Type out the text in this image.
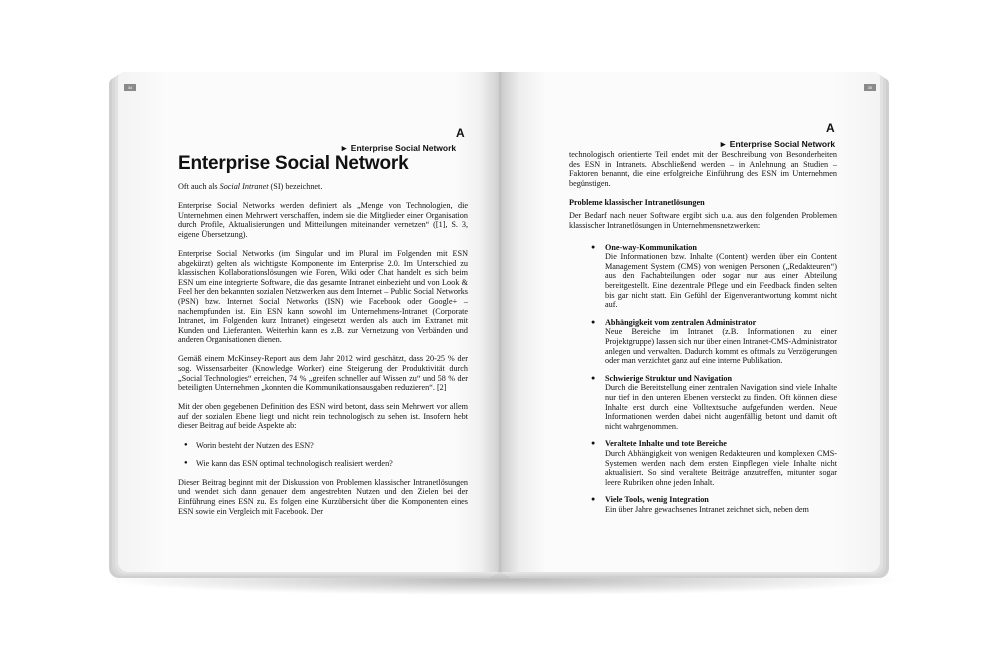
34
A
► Enterprise Social Network
Enterprise Social Network

Oft auch als Social Intranet (SI) bezeichnet.

Enterprise Social Networks werden definiert als „Menge von Technologien, die Unternehmen einen Mehrwert verschaffen, indem sie die Mitglieder einer Organisation durch Profile, Aktualisierungen und Mitteilungen miteinander vernetzen“ ([1], S. 3, eigene Übersetzung).

Enterprise Social Networks (im Singular und im Plural im Folgenden mit ESN abgekürzt) gelten als wichtigste Komponente im Enterprise 2.0. Im Unterschied zu klassischen Kollaborationslösungen wie Foren, Wiki oder Chat handelt es sich beim ESN um eine integrierte Software, die das gesamte Intranet einbezieht und von Look & Feel her den bekannten sozialen Netzwerken aus dem Internet – Public Social Networks (PSN) bzw. Internet Social Networks (ISN) wie Facebook oder Google+ – nachempfunden ist. Ein ESN kann sowohl im Unternehmens-Intranet (Corporate Intranet, im Folgenden kurz Intranet) eingesetzt werden als auch im Extranet mit Kunden und Lieferanten. Weiterhin kann es z.B. zur Vernetzung von Verbänden und anderen Organisationen dienen.

Gemäß einem McKinsey-Report aus dem Jahr 2012 wird geschätzt, dass 20-25 % der sog. Wissensarbeiter (Knowledge Worker) eine Steigerung der Produktivität durch „Social Technologies“ erreichen, 74 % „greifen schneller auf Wissen zu“ und 58 % der beteiligten Unternehmen „konnten die Kommunikationsausgaben reduzieren“. [2]

Mit der oben gegebenen Definition des ESN wird betont, dass sein Mehrwert vor allem auf der sozialen Ebene liegt und nicht rein technologisch zu sehen ist. Insofern hebt dieser Beitrag auf beide Aspekte ab:

● Worin besteht der Nutzen des ESN?
● Wie kann das ESN optimal technologisch realisiert werden?

Dieser Beitrag beginnt mit der Diskussion von Problemen klassischer Intranetlösungen und wendet sich dann genauer dem angestrebten Nutzen und den Zielen bei der Einführung eines ESN zu. Es folgen eine Kurzübersicht über die Komponenten eines ESN sowie ein Vergleich mit Facebook. Der

35
A
► Enterprise Social Network

technologisch orientierte Teil endet mit der Beschreibung von Besonderheiten des ESN in Intranets. Abschließend werden – in Anlehnung an Studien – Faktoren benannt, die eine erfolgreiche Einführung des ESN im Unternehmen begünstigen.

Probleme klassischer Intranetlösungen

Der Bedarf nach neuer Software ergibt sich u.a. aus den folgenden Problemen klassischer Intranetlösungen in Unternehmensnetzwerken:

● One-way-Kommunikation
Die Informationen bzw. Inhalte (Content) werden über ein Content Management System (CMS) von wenigen Personen („Redakteuren“) aus den Fachabteilungen oder sogar nur aus einer Abteilung bereitgestellt. Eine dezentrale Pflege und ein Feedback finden selten bis gar nicht statt. Ein Gefühl der Eigenverantwortung kommt nicht auf.
● Abhängigkeit vom zentralen Administrator
Neue Bereiche im Intranet (z.B. Informationen zu einer Projektgruppe) lassen sich nur über einen Intranet-CMS-Administrator anlegen und verwalten. Dadurch kommt es oftmals zu Verzögerungen oder man verzichtet ganz auf eine interne Publikation.
● Schwierige Struktur und Navigation
Durch die Bereitstellung einer zentralen Navigation sind viele Inhalte nur tief in den unteren Ebenen versteckt zu finden. Oft können diese Inhalte erst durch eine Volltextsuche aufgefunden werden. Neue Informationen werden dabei nicht augenfällig betont und damit oft nicht wahrgenommen.
● Veraltete Inhalte und tote Bereiche
Durch Abhängigkeit von wenigen Redakteuren und komplexen CMS-Systemen werden nach dem ersten Einpflegen viele Inhalte nicht aktualisiert. So sind veraltete Beiträge anzutreffen, mitunter sogar leere Rubriken ohne jeden Inhalt.
● Viele Tools, wenig Integration
Ein über Jahre gewachsenes Intranet zeichnet sich, neben dem
